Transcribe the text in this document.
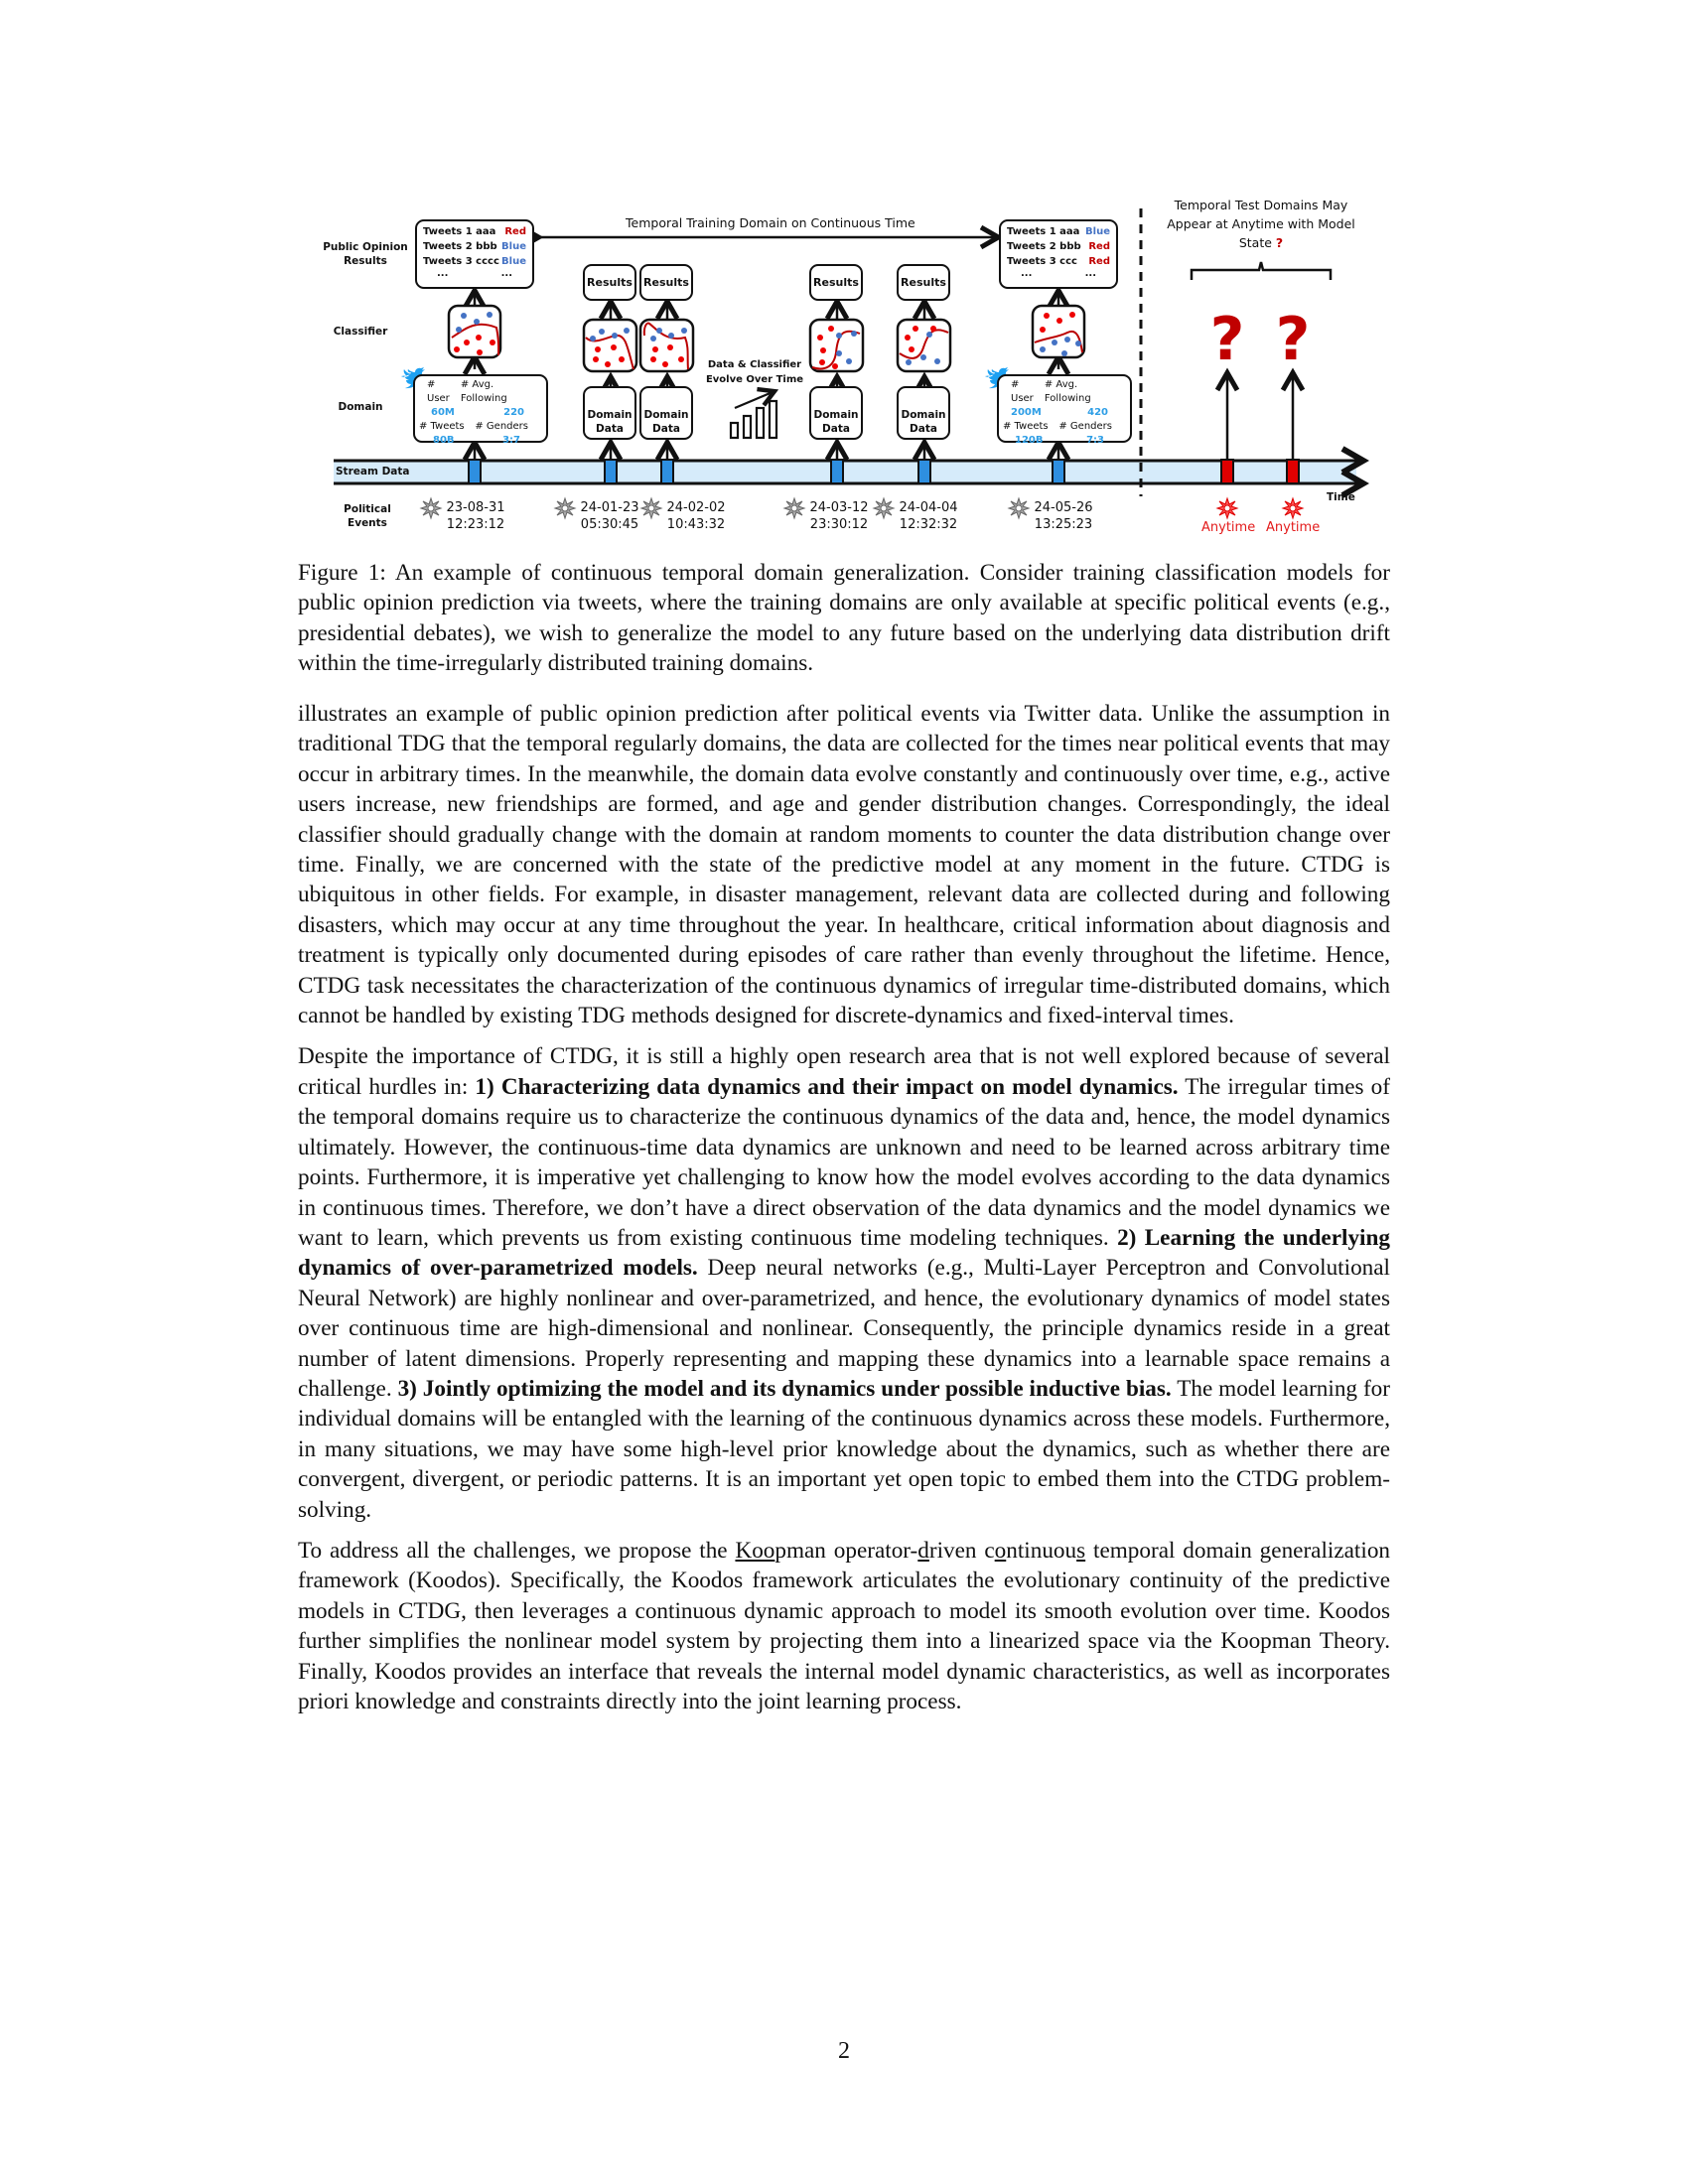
? ?
Public Opinion Results
Classifier
Domain
Stream Data
Political Events
Temporal Training Domain on Continuous Time
Temporal Test Domains May Appear at Anytime with Model State ?
Tweets 1 aaa Red
Tweets 2 bbb Blue
Tweets 3 cccc Blue
...	...
Tweets 1 aaa Blue
Tweets 2 bbb Red
Tweets 3 ccc Red
...	...
Results	Results	Results	Results
# User
# Avg. Following
60M	220
# Tweets # Genders
80B	3:7
# User
# Avg. Following
200M	420
# Tweets # Genders
120B	7:3
Domain Data
Domain Data
Domain Data
Domain Data
Data & Classifier Evolve Over Time
Time
23-08-31
12:23:12
24-01-23
05:30:45
24-02-02
10:43:32
24-03-12
23:30:12
24-04-04
12:32:32
24-05-26
13:25:23	Anytime Anytime

Figure 1: An example of continuous temporal domain generalization. Consider training classification models for public opinion prediction via tweets, where the training domains are only available at specific political events (e.g., presidential debates), we wish to generalize the model to any future based on the underlying data distribution drift within the time-irregularly distributed training domains.

illustrates an example of public opinion prediction after political events via Twitter data. Unlike the assumption in traditional TDG that the temporal regularly domains, the data are collected for the times near political events that may occur in arbitrary times. In the meanwhile, the domain data evolve constantly and continuously over time, e.g., active users increase, new friendships are formed, and age and gender distribution changes. Correspondingly, the ideal classifier should gradually change with the domain at random moments to counter the data distribution change over time. Finally, we are concerned with the state of the predictive model at any moment in the future. CTDG is ubiquitous in other fields. For example, in disaster management, relevant data are collected during and following disasters, which may occur at any time throughout the year. In healthcare, critical information about diagnosis and treatment is typically only documented during episodes of care rather than evenly throughout the lifetime. Hence, CTDG task necessitates the characterization of the continuous dynamics of irregular time-distributed domains, which cannot be handled by existing TDG methods designed for discrete-dynamics and fixed-interval times.

Despite the importance of CTDG, it is still a highly open research area that is not well explored because of several critical hurdles in: 1) Characterizing data dynamics and their impact on model dynamics. The irregular times of the temporal domains require us to characterize the continuous dynamics of the data and, hence, the model dynamics ultimately. However, the continuous-time data dynamics are unknown and need to be learned across arbitrary time points. Furthermore, it is imperative yet challenging to know how the model evolves according to the data dynamics in continuous times. Therefore, we don’t have a direct observation of the data dynamics and the model dynamics we want to learn, which prevents us from existing continuous time modeling techniques. 2) Learning the underlying dynamics of over-parametrized models. Deep neural networks (e.g., Multi-Layer Perceptron and Convolutional Neural Network) are highly nonlinear and over-parametrized, and hence, the evolutionary dynamics of model states over continuous time are high-dimensional and nonlinear. Consequently, the principle dynamics reside in a great number of latent dimensions. Properly representing and mapping these dynamics into a learnable space remains a challenge. 3) Jointly optimizing the model and its dynamics under possible inductive bias. The model learning for individual domains will be entangled with the learning of the continuous dynamics across these models. Furthermore, in many situations, we may have some high-level prior knowledge about the dynamics, such as whether there are convergent, divergent, or periodic patterns. It is an important yet open topic to embed them into the CTDG problem-solving.

To address all the challenges, we propose the Koopman operator-driven continuous temporal domain generalization framework (Koodos). Specifically, the Koodos framework articulates the evolutionary continuity of the predictive models in CTDG, then leverages a continuous dynamic approach to model its smooth evolution over time. Koodos further simplifies the nonlinear model system by projecting them into a linearized space via the Koopman Theory. Finally, Koodos provides an interface that reveals the internal model dynamic characteristics, as well as incorporates priori knowledge and constraints directly into the joint learning process.

2
